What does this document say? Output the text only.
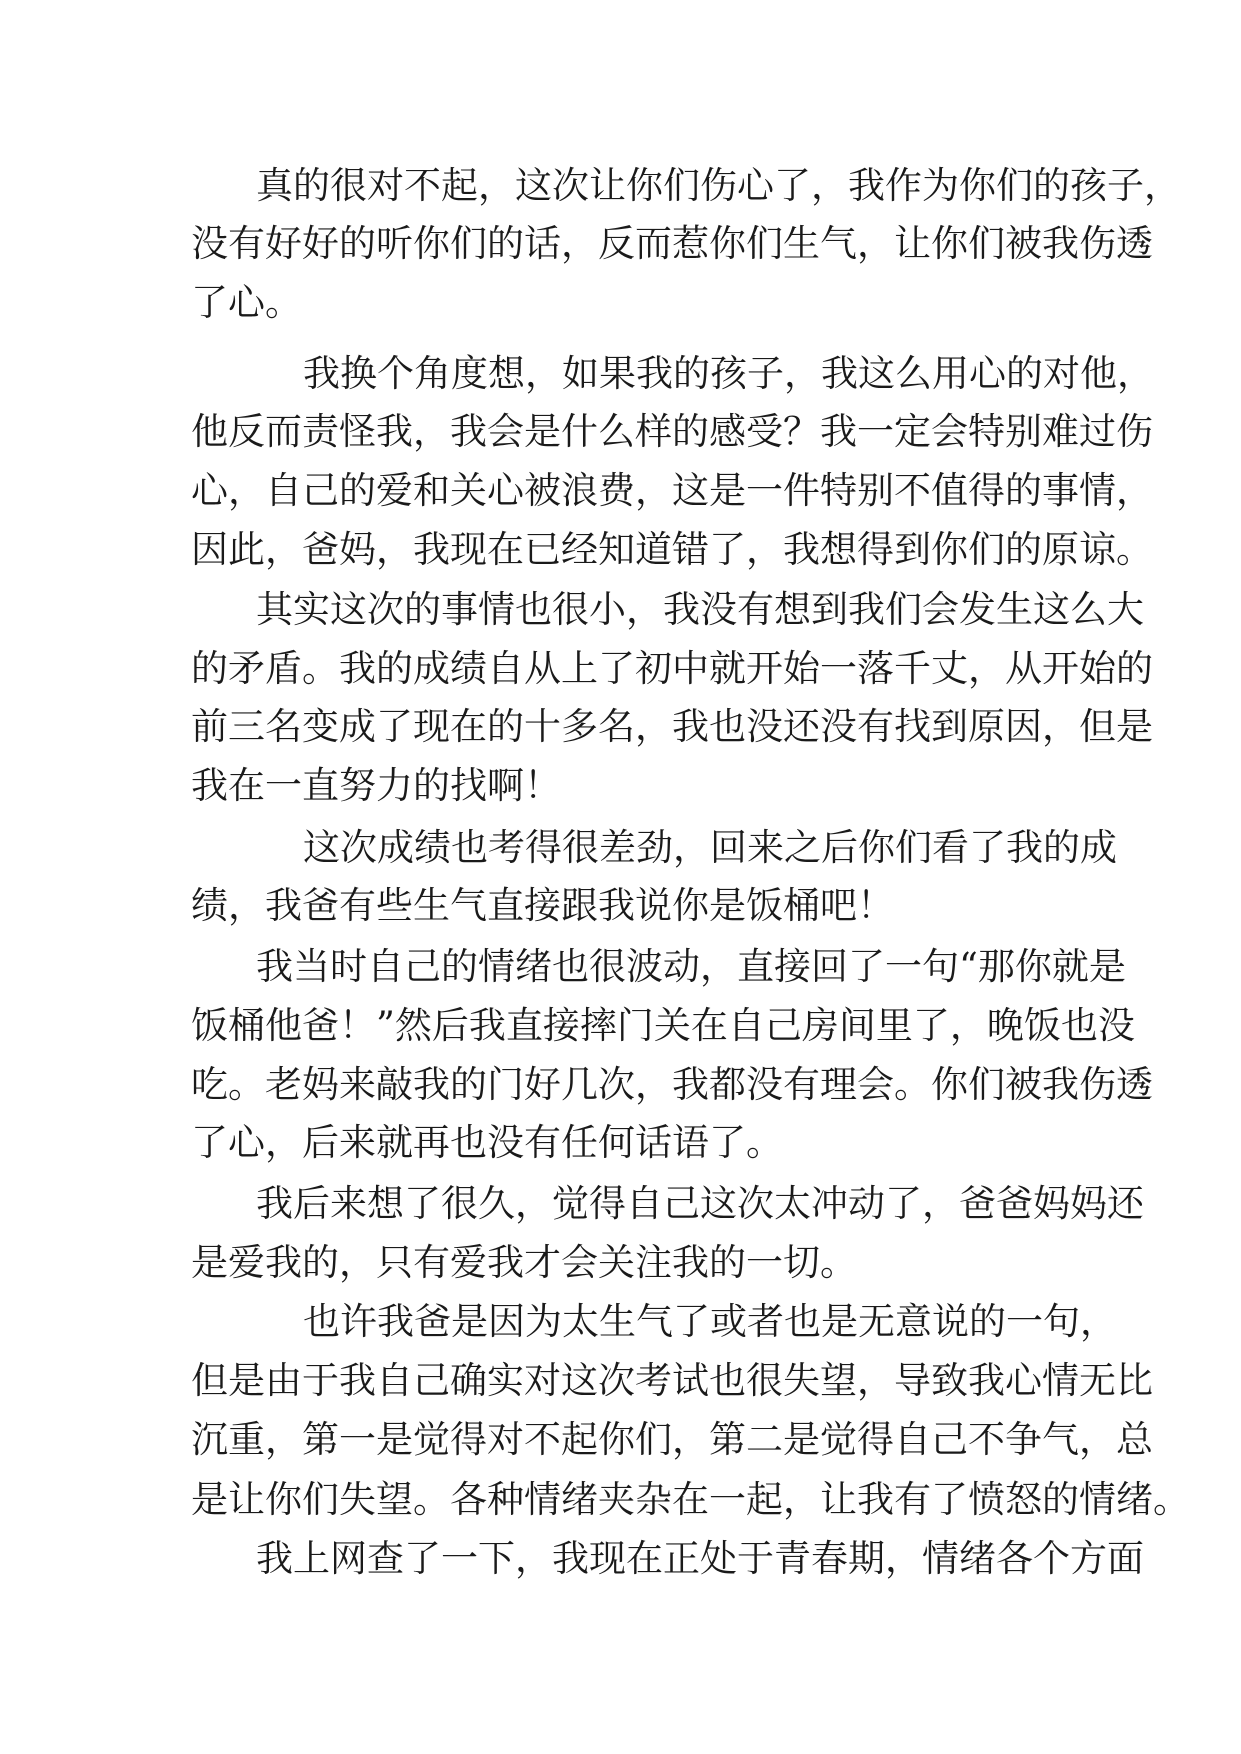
真的很对不起，这次让你们伤心了，我作为你们的孩子，
没有好好的听你们的话，反而惹你们生气，让你们被我伤透
了心。
我换个角度想，如果我的孩子，我这么用心的对他，
他反而责怪我，我会是什么样的感受？我一定会特别难过伤
心，自己的爱和关心被浪费，这是一件特别不值得的事情，
因此，爸妈，我现在已经知道错了，我想得到你们的原谅。
其实这次的事情也很小，我没有想到我们会发生这么大
的矛盾。我的成绩自从上了初中就开始一落千丈，从开始的
前三名变成了现在的十多名，我也没还没有找到原因，但是
我在一直努力的找啊！
这次成绩也考得很差劲，回来之后你们看了我的成
绩，我爸有些生气直接跟我说你是饭桶吧！
我当时自己的情绪也很波动，直接回了一句“那你就是
饭桶他爸！”然后我直接摔门关在自己房间里了，晚饭也没
吃。老妈来敲我的门好几次，我都没有理会。你们被我伤透
了心，后来就再也没有任何话语了。
我后来想了很久，觉得自己这次太冲动了，爸爸妈妈还
是爱我的，只有爱我才会关注我的一切。
也许我爸是因为太生气了或者也是无意说的一句，
但是由于我自己确实对这次考试也很失望，导致我心情无比
沉重，第一是觉得对不起你们，第二是觉得自己不争气，总
是让你们失望。各种情绪夹杂在一起，让我有了愤怒的情绪。
我上网查了一下，我现在正处于青春期，情绪各个方面
